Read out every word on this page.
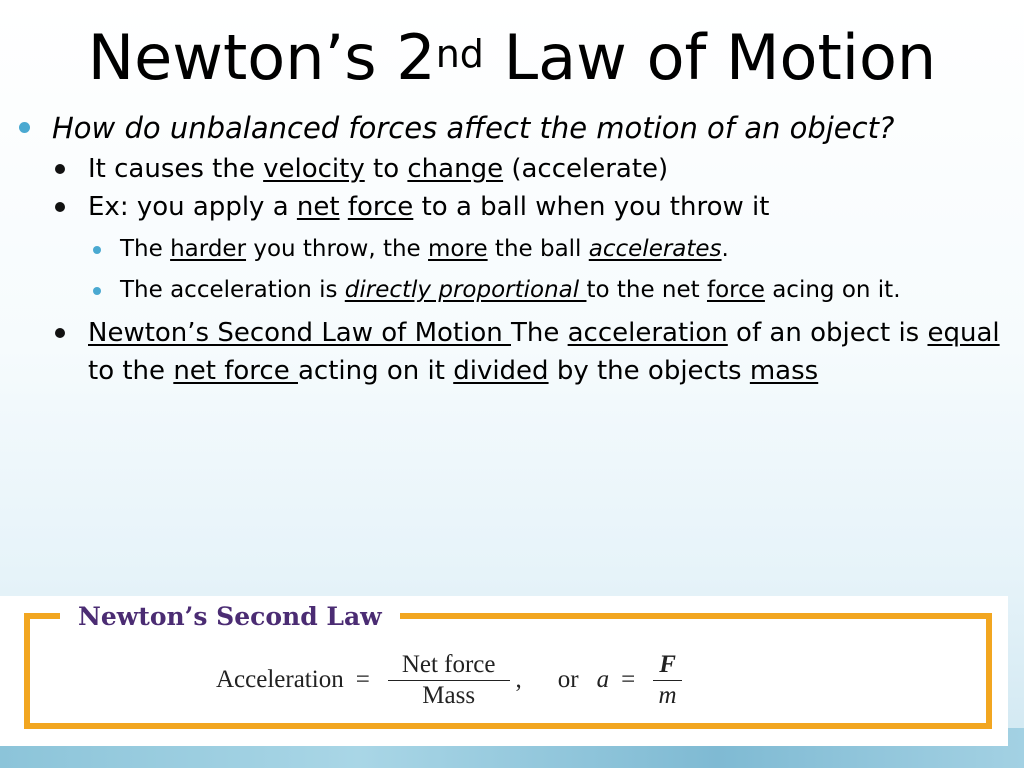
Newton’s 2nd Law of Motion
How do unbalanced forces affect the motion of an object?
It causes the velocity to change (accelerate)
Ex: you apply a net force to a ball when you throw it
The harder you throw, the more the ball accelerates.
The acceleration is directly proportional to the net force acing on it.
Newton’s Second Law of Motion The acceleration of an object is equal to the net force acting on it divided by the objects mass
Newton’s Second Law
Acceleration = $\frac{\text{Net force}}{\text{Mass}}$ , or $a = \frac{F}{m}$
